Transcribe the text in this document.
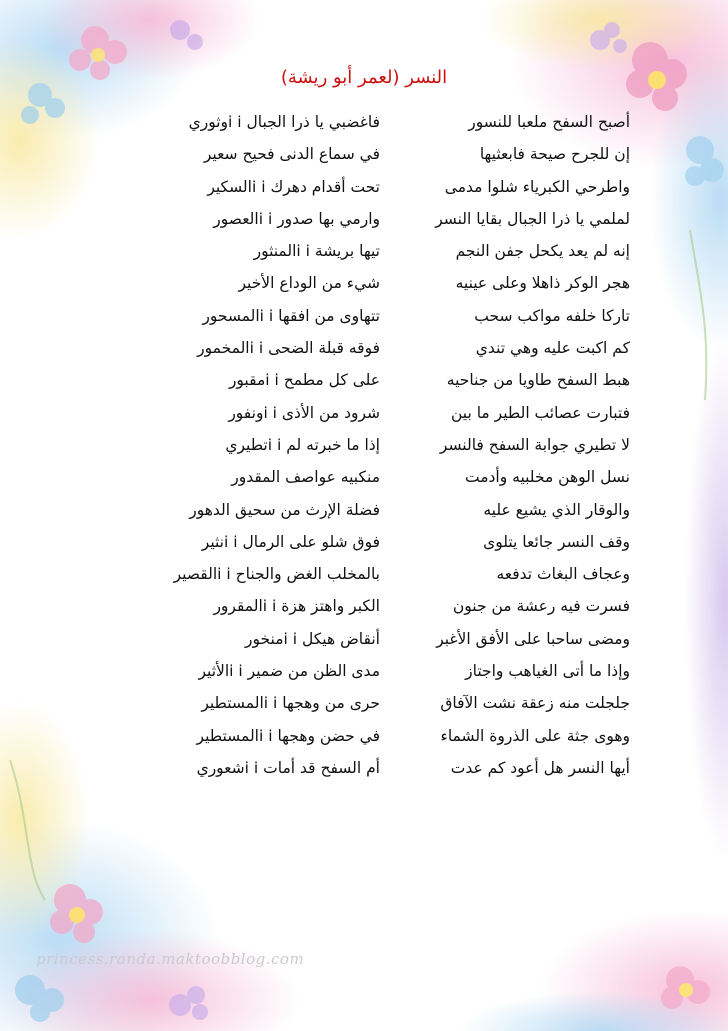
النسر (لعمر أبو ريشة)
أصبح السفح ملعبا للنسور
فاغضبي يا ذرا الجبال i iوثوري
إن للجرح صيحة فابعثيها
في سماع الدنى فحيح سعير
واطرحي الكبرياء شلوا مدمى
تحت أقدام دهرك i iالسكير
لملمي يا ذرا الجبال بقايا النسر
وارمي بها صدور i iالعصور
إنه لم يعد يكحل جفن النجم
تيها بريشة i iالمنثور
هجر الوكر ذاهلا وعلى عينيه
شيء من الوداع الأخير
تاركا خلفه مواكب سحب
تتهاوى من افقها i iالمسحور
كم اكبت عليه وهي تندي
فوقه قبلة الضحى i iالمخمور
هبط السفح طاويا من جناحيه
على كل مطمح i iمقبور
فتبارت عصائب الطير ما بين
شرود من الأذى i iونفور
لا تطيري جوابة السفح فالنسر
إذا ما خبرته لم i iتطيري
نسل الوهن مخلبيه وأدمت
منكبيه عواصف المقدور
والوقار الذي يشيع عليه
فضلة الإرث من سحيق الدهور
وقف النسر جائعا يتلوى
فوق شلو على الرمال i iنثير
وعجاف البغاث تدفعه
بالمخلب الغض والجناح i iالقصير
فسرت فيه رعشة من جنون
الكبر واهتز هزة i iالمقرور
ومضى ساحبا على الأفق الأغبر
أنقاض هيكل i iمنخور
وإذا ما أتى الغياهب واجتاز
مدى الظن من ضمير i iالأثير
جلجلت منه زعقة نشت الآفاق
حرى من وهجها i iالمستطير
وهوى جثة على الذروة الشماء
في حضن وهجها i iالمستطير
أيها النسر هل أعود كم عدت
أم السفح قد أمات i iشعوري
princess.randa.maktoobblog.com
